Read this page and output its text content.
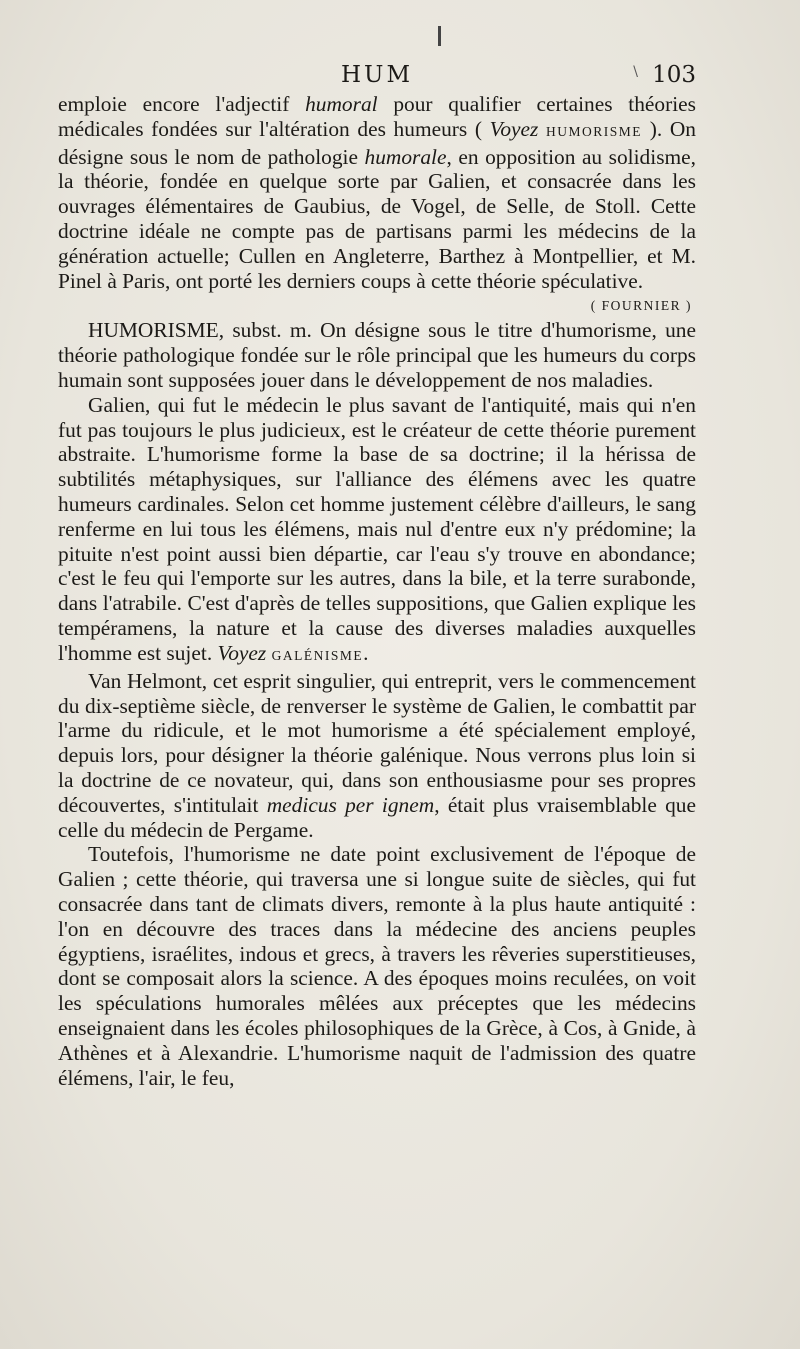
HUM	\ 103

emploie encore l'adjectif humoral pour qualifier certaines théories médicales fondées sur l'altération des humeurs ( Voyez HUMORISME ). On désigne sous le nom de pathologie humorale, en opposition au solidisme, la théorie, fondée en quelque sorte par Galien, et consacrée dans les ouvrages élémentaires de Gaubius, de Vogel, de Selle, de Stoll. Cette doctrine idéale ne compte pas de partisans parmi les médecins de la génération actuelle; Cullen en Angleterre, Barthez à Montpellier, et M. Pinel à Paris, ont porté les derniers coups à cette théorie spéculative.
( FOURNIER )

HUMORISME, subst. m. On désigne sous le titre d'humorisme, une théorie pathologique fondée sur le rôle principal que les humeurs du corps humain sont supposées jouer dans le développement de nos maladies.

Galien, qui fut le médecin le plus savant de l'antiquité, mais qui n'en fut pas toujours le plus judicieux, est le créateur de cette théorie purement abstraite. L'humorisme forme la base de sa doctrine; il la hérissa de subtilités métaphysiques, sur l'alliance des élémens avec les quatre humeurs cardinales. Selon cet homme justement célèbre d'ailleurs, le sang renferme en lui tous les élémens, mais nul d'entre eux n'y prédomine; la pituite n'est point aussi bien départie, car l'eau s'y trouve en abondance; c'est le feu qui l'emporte sur les autres, dans la bile, et la terre surabonde, dans l'atrabile. C'est d'après de telles suppositions, que Galien explique les tempéramens, la nature et la cause des diverses maladies auxquelles l'homme est sujet. Voyez GALÉNISME.

Van Helmont, cet esprit singulier, qui entreprit, vers le commencement du dix-septième siècle, de renverser le système de Galien, le combattit par l'arme du ridicule, et le mot humorisme a été spécialement employé, depuis lors, pour désigner la théorie galénique. Nous verrons plus loin si la doctrine de ce novateur, qui, dans son enthousiasme pour ses propres découvertes, s'intitulait medicus per ignem, était plus vraisemblable que celle du médecin de Pergame.

Toutefois, l'humorisme ne date point exclusivement de l'époque de Galien ; cette théorie, qui traversa une si longue suite de siècles, qui fut consacrée dans tant de climats divers, remonte à la plus haute antiquité : l'on en découvre des traces dans la médecine des anciens peuples égyptiens, israélites, indous et grecs, à travers les rêveries superstitieuses, dont se composait alors la science. A des époques moins reculées, on voit les spéculations humorales mêlées aux préceptes que les médecins enseignaient dans les écoles philosophiques de la Grèce, à Cos, à Gnide, à Athènes et à Alexandrie. L'humorisme naquit de l'admission des quatre élémens, l'air, le feu,
